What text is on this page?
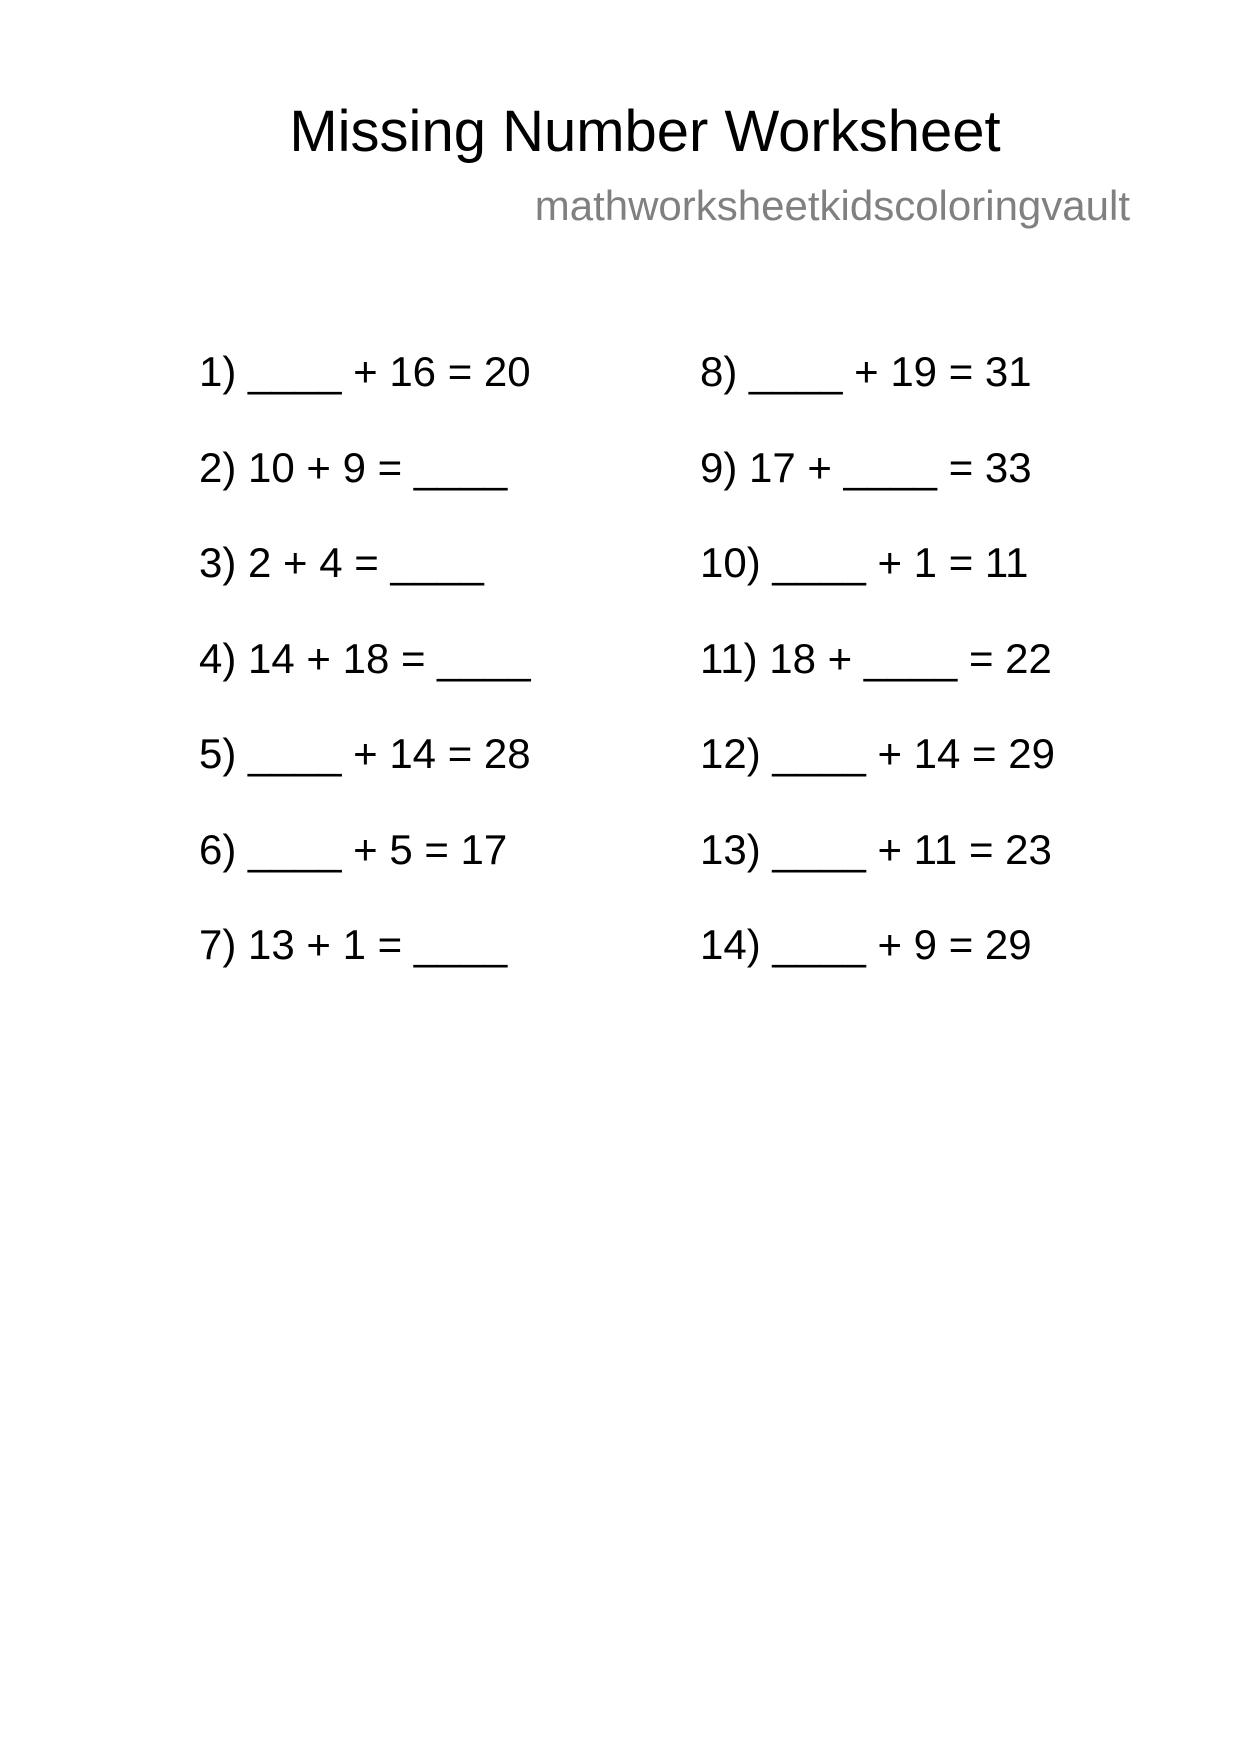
Missing Number Worksheet

mathworksheetkidscoloringvault

1) ____ + 16 = 20
2) 10 + 9 = ____
3) 2 + 4 = ____
4) 14 + 18 = ____
5) ____ + 14 = 28
6) ____ + 5 = 17
7) 13 + 1 = ____
8) ____ + 19 = 31
9) 17 + ____ = 33
10) ____ + 1 = 11
11) 18 + ____ = 22
12) ____ + 14 = 29
13) ____ + 11 = 23
14) ____ + 9 = 29
